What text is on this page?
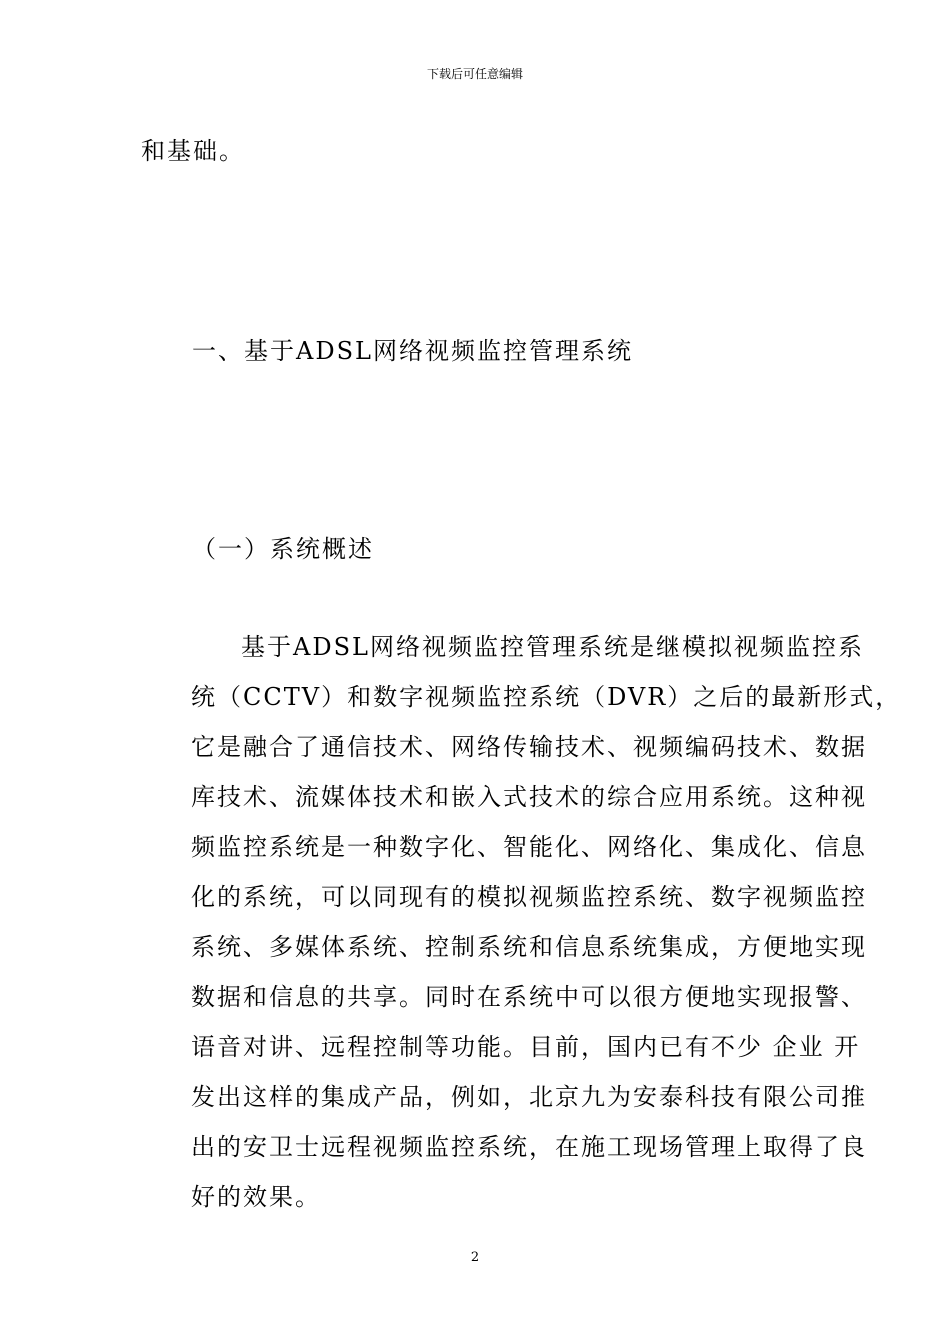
下载后可任意编辑
和基础。
一、基于ADSL网络视频监控管理系统
（一）系统概述
基于ADSL网络视频监控管理系统是继模拟视频监控系
统（CCTV）和数字视频监控系统（DVR）之后的最新形式，
它是融合了通信技术、网络传输技术、视频编码技术、数据
库技术、流媒体技术和嵌入式技术的综合应用系统。这种视
频监控系统是一种数字化、智能化、网络化、集成化、信息
化的系统，可以同现有的模拟视频监控系统、数字视频监控
系统、多媒体系统、控制系统和信息系统集成，方便地实现
数据和信息的共享。同时在系统中可以很方便地实现报警、
语音对讲、远程控制等功能。目前，国内已有不少 企业 开
发出这样的集成产品，例如，北京九为安泰科技有限公司推
出的安卫士远程视频监控系统，在施工现场管理上取得了良
好的效果。
2
